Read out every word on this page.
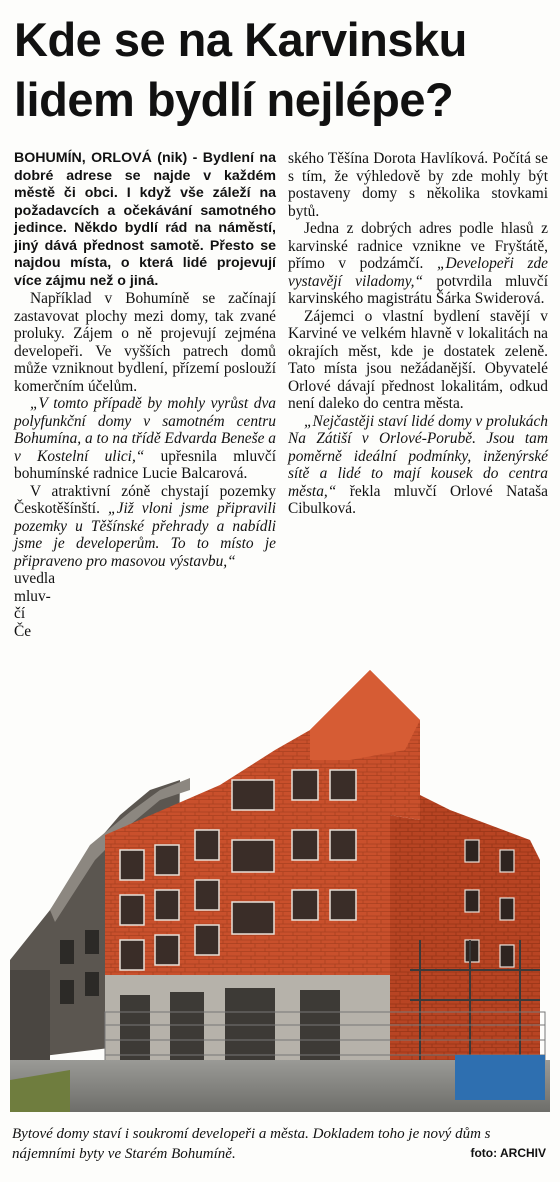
Kde se na Karvinsku
lidem bydlí nejlépe?

BOHUMÍN, ORLOVÁ (nik) - Bydlení na dobré adrese se najde v každém městě či obci. I když vše záleží na požadavcích a očekávání samotného jedince. Někdo bydlí rád na náměstí, jiný dává přednost samotě. Přesto se najdou místa, o která lidé projevují více zájmu než o jiná.

Například v Bohumíně se začínají zastavovat plochy mezi domy, tak zvané proluky. Zájem o ně projevují zejména developeři. Ve vyšších patrech domů může vzniknout bydlení, přízemí poslouží komerčním účelům.

„V tomto případě by mohly vyrůst dva polyfunkční domy v samotném centru Bohumína, a to na třídě Edvarda Beneše a v Kostelní ulici,“ upřesnila mluvčí bohumínské radnice Lucie Balcarová.

V atraktivní zóně chystají pozemky Českotěšínští. „Již vloni jsme připravili pozemky u Těšínské přehrady a nabídli jsme je developerům. To to místo je připraveno pro masovou výstavbu,“

uvedla
mluv-
čí
Če

ského Těšína Dorota Havlíková. Počítá se s tím, že výhledově by zde mohly být postaveny domy s několika stovkami bytů.

Jedna z dobrých adres podle hlasů z karvinské radnice vznikne ve Fryštátě, přímo v podzámčí. „Developeři zde vystavějí viladomy,“ potvrdila mluvčí karvinského magistrátu Šárka Swiderová.

Zájemci o vlastní bydlení stavějí v Karviné ve velkém hlavně v lokalitách na okrajích měst, kde je dostatek zeleně. Tato místa jsou nežádanější. Obyvatelé Orlové dávají přednost lokalitám, odkud není daleko do centra města.

„Nejčastěji staví lidé domy v prolukách Na Zátiší v Orlové-Porubě. Jsou tam poměrně ideální podmínky, inženýrské sítě a lidé to mají kousek do centra města,“ řekla mluvčí Orlové Nataša Cibulková.

Bytové domy staví i soukromí developeři a města. Dokladem toho je nový dům s nájemními byty ve Starém Bohumíně.	foto: ARCHIV
